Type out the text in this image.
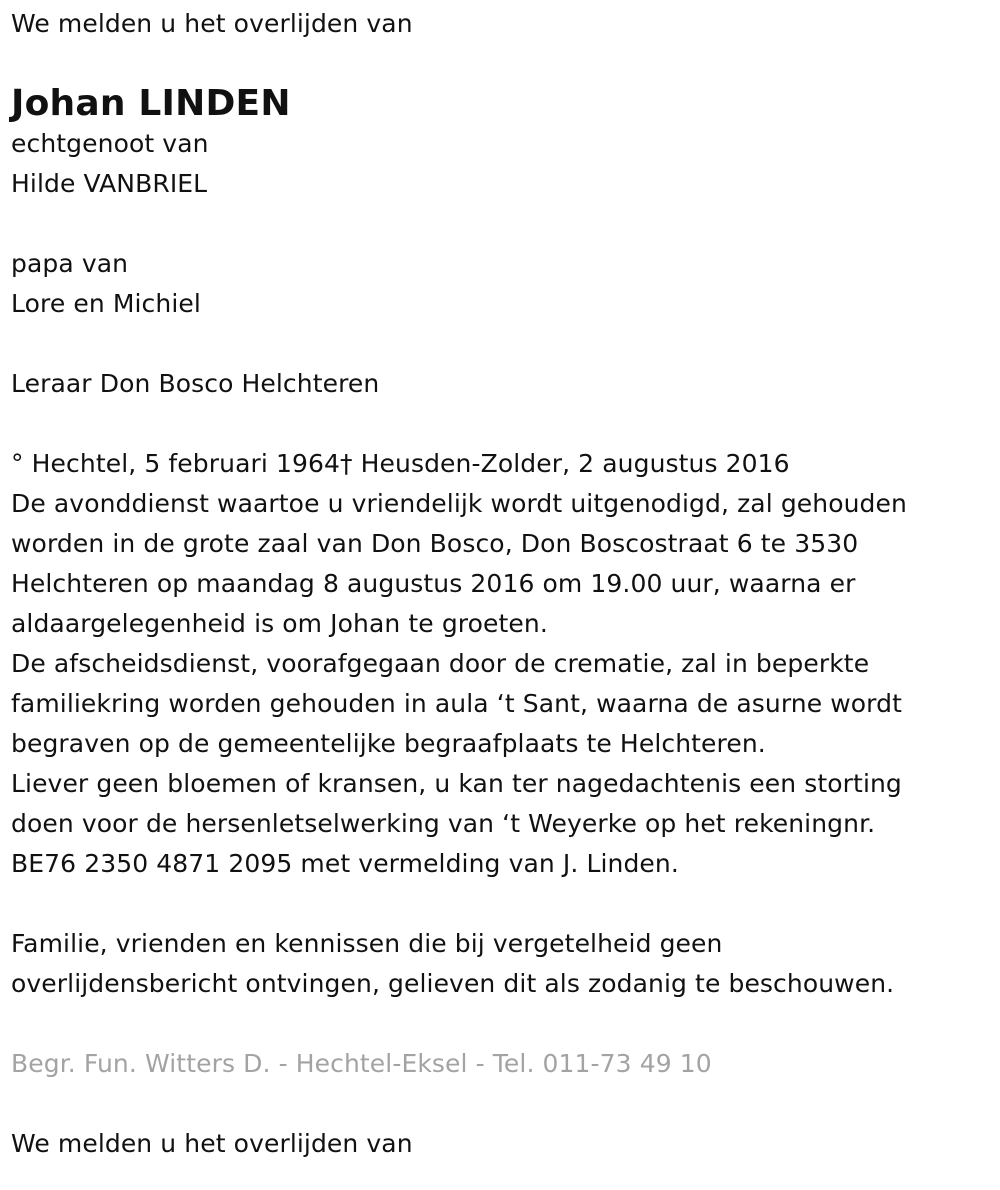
We melden u het overlijden van
Johan LINDEN
echtgenoot van
Hilde VANBRIEL
papa van
Lore en Michiel
Leraar Don Bosco Helchteren
° Hechtel, 5 februari 1964† Heusden-Zolder, 2 augustus 2016
De avonddienst waartoe u vriendelijk wordt uitgenodigd, zal gehouden
worden in de grote zaal van Don Bosco, Don Boscostraat 6 te 3530
Helchteren op maandag 8 augustus 2016 om 19.00 uur, waarna er
aldaargelegenheid is om Johan te groeten.
De afscheidsdienst, voorafgegaan door de crematie, zal in beperkte
familiekring worden gehouden in aula ‘t Sant, waarna de asurne wordt
begraven op de gemeentelijke begraafplaats te Helchteren.
Liever geen bloemen of kransen, u kan ter nagedachtenis een storting
doen voor de hersenletselwerking van ‘t Weyerke op het rekeningnr.
BE76 2350 4871 2095 met vermelding van J. Linden.
Familie, vrienden en kennissen die bij vergetelheid geen
overlijdensbericht ontvingen, gelieven dit als zodanig te beschouwen.
Begr. Fun. Witters D. - Hechtel-Eksel - Tel. 011-73 49 10
We melden u het overlijden van
